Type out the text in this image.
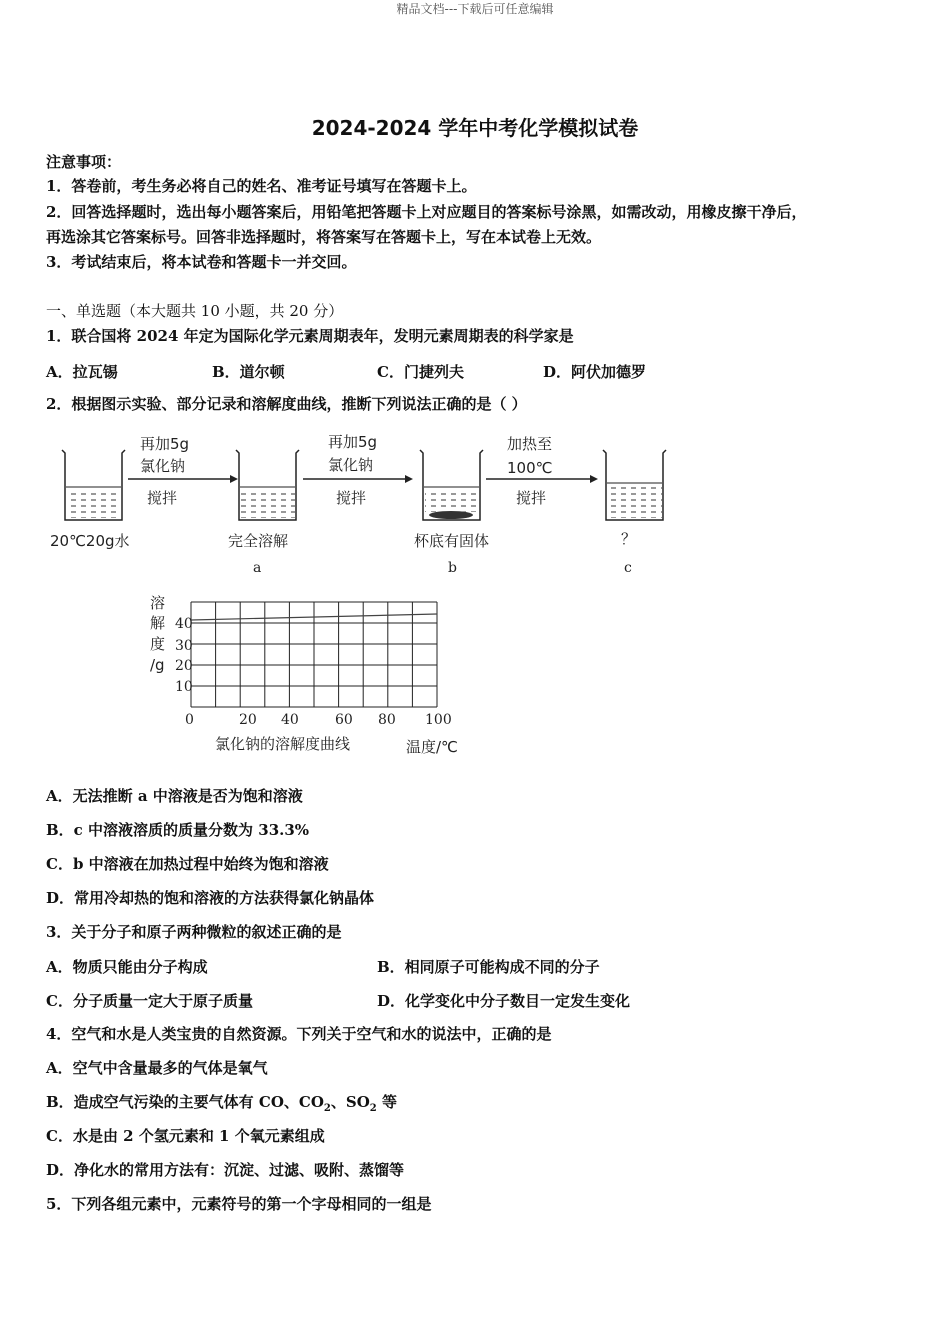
精品文档---下载后可任意编辑
2024-2024 学年中考化学模拟试卷
注意事项：
1．答卷前，考生务必将自己的姓名、准考证号填写在答题卡上。
2．回答选择题时，选出每小题答案后，用铅笔把答题卡上对应题目的答案标号涂黑，如需改动，用橡皮擦干净后，
再选涂其它答案标号。回答非选择题时，将答案写在答题卡上，写在本试卷上无效。
3．考试结束后，将本试卷和答题卡一并交回。
一、单选题（本大题共 10 小题，共 20 分）
1．联合国将 2024 年定为国际化学元素周期表年，发明元素周期表的科学家是
A．拉瓦锡	B．道尔顿	C．门捷列夫	D．阿伏加德罗
2．根据图示实验、部分记录和溶解度曲线，推断下列说法正确的是（ ）
再加5g
氯化钠
搅拌
再加5g
氯化钠
搅拌
加热至
100℃
搅拌
20℃20g水	完全溶解	杯底有固体	？
a	b	c
溶
解
度
/g
40
30
20
10
0	20 40	60 80 100
氯化钠的溶解度曲线	温度/℃
A．无法推断 a 中溶液是否为饱和溶液
B．c 中溶液溶质的质量分数为 33.3%
C．b 中溶液在加热过程中始终为饱和溶液
D．常用冷却热的饱和溶液的方法获得氯化钠晶体
3．关于分子和原子两种微粒的叙述正确的是
A．物质只能由分子构成	B．相同原子可能构成不同的分子
C．分子质量一定大于原子质量	D．化学变化中分子数目一定发生变化
4．空气和水是人类宝贵的自然资源。下列关于空气和水的说法中，正确的是
A．空气中含量最多的气体是氧气
B．造成空气污染的主要气体有 CO、$CO_2$、$SO_2$ 等
C．水是由 2 个氢元素和 1 个氧元素组成
D．净化水的常用方法有：沉淀、过滤、吸附、蒸馏等
5．下列各组元素中，元素符号的第一个字母相同的一组是
